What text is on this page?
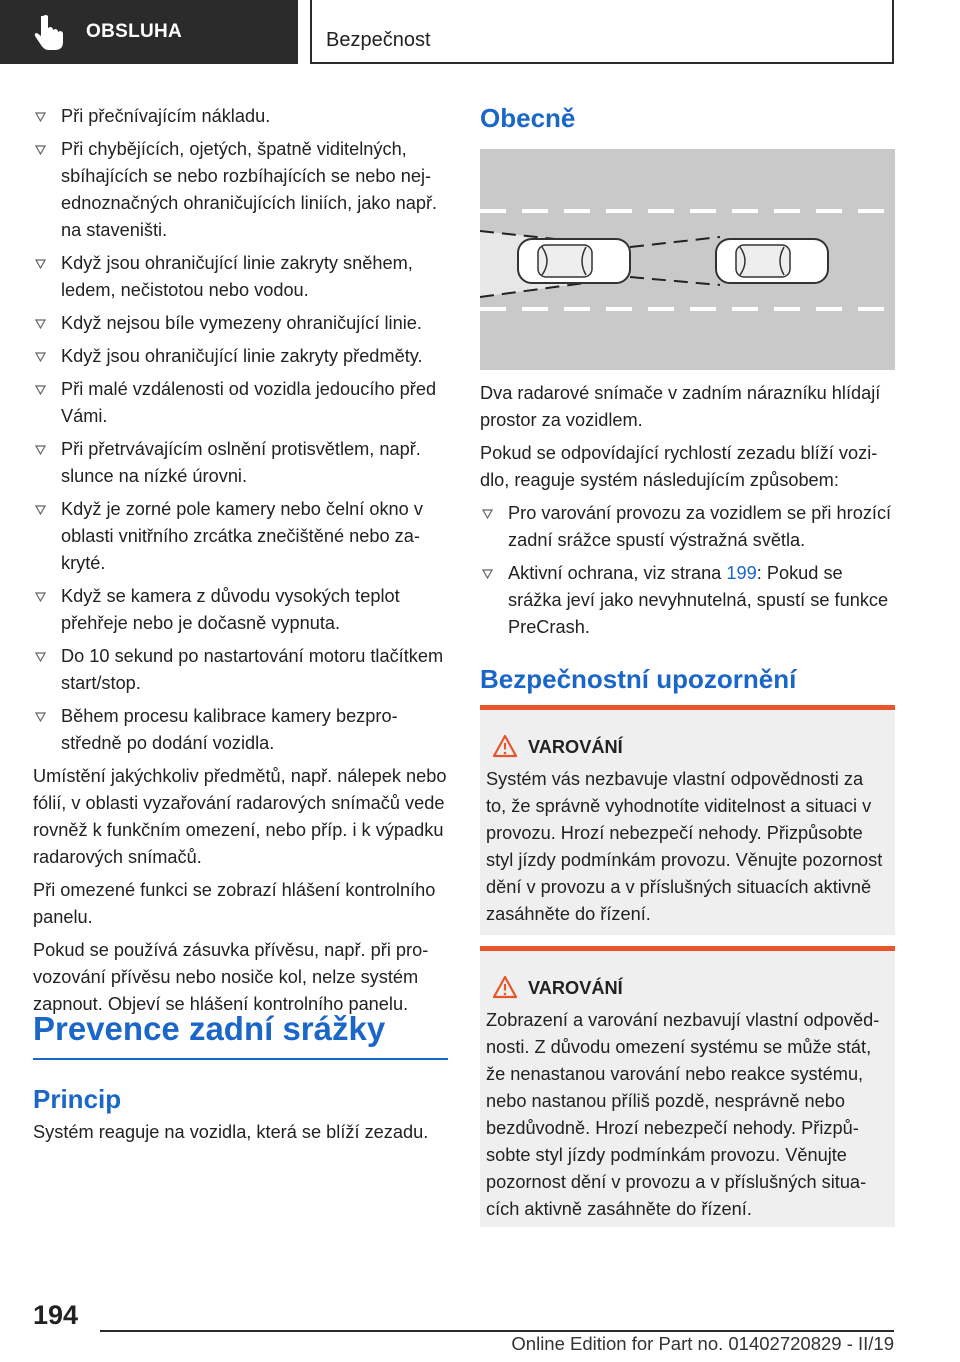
OBSLUHA	Bezpečnost
Při přečnívajícím nákladu.
Při chybějících, ojetých, špatně viditelných, sbíhajících se nebo rozbíhajících se nebo nejednoznačných ohraničujících liniích, jako např. na staveništi.
Když jsou ohraničující linie zakryty sněhem, ledem, nečistotou nebo vodou.
Když nejsou bíle vymezeny ohraničující linie.
Když jsou ohraničující linie zakryty předměty.
Při malé vzdálenosti od vozidla jedoucího před Vámi.
Při přetrvávajícím oslnění protisvětlem, např. slunce na nízké úrovni.
Když je zorné pole kamery nebo čelní okno v oblasti vnitřního zrcátka znečištěné nebo zakryté.
Když se kamera z důvodu vysokých teplot přehřeje nebo je dočasně vypnuta.
Do 10 sekund po nastartování motoru tlačítkem start/stop.
Během procesu kalibrace kamery bezprostředně po dodání vozidla.

Umístění jakýchkoliv předmětů, např. nálepek nebo fólií, v oblasti vyzařování radarových snímačů vede rovněž k funkčním omezení, nebo příp. i k výpadku radarových snímačů.

Při omezené funkci se zobrazí hlášení kontrolního panelu.

Pokud se používá zásuvka přívěsu, např. při provozování přívěsu nebo nosiče kol, nelze systém zapnout. Objeví se hlášení kontrolního panelu.

Prevence zadní srážky
Princip

Systém reaguje na vozidla, která se blíží zezadu.

Obecně

Dva radarové snímače v zadním nárazníku hlídají prostor za vozidlem.

Pokud se odpovídající rychlostí zezadu blíží vozidlo, reaguje systém následujícím způsobem:

Pro varování provozu za vozidlem se při hrozící zadní srážce spustí výstražná světla.
Aktivní ochrana, viz strana 199: Pokud se srážka jeví jako nevyhnutelná, spustí se funkce PreCrash.
Bezpečnostní upozornění
VAROVÁNÍ
Systém vás nezbavuje vlastní odpovědnosti za to, že správně vyhodnotíte viditelnost a situaci v provozu. Hrozí nebezpečí nehody. Přizpůsobte styl jízdy podmínkám provozu. Věnujte pozornost dění v provozu a v příslušných situacích aktivně zasáhněte do řízení.
VAROVÁNÍ
Zobrazení a varování nezbavují vlastní odpovědnosti. Z důvodu omezení systému se může stát, že nenastanou varování nebo reakce systému, nebo nastanou příliš pozdě, nesprávně nebo bezdůvodně. Hrozí nebezpečí nehody. Přizpůsobte styl jízdy podmínkám provozu. Věnujte pozornost dění v provozu a v příslušných situacích aktivně zasáhněte do řízení.
194
Online Edition for Part no. 01402720829 - II/19
